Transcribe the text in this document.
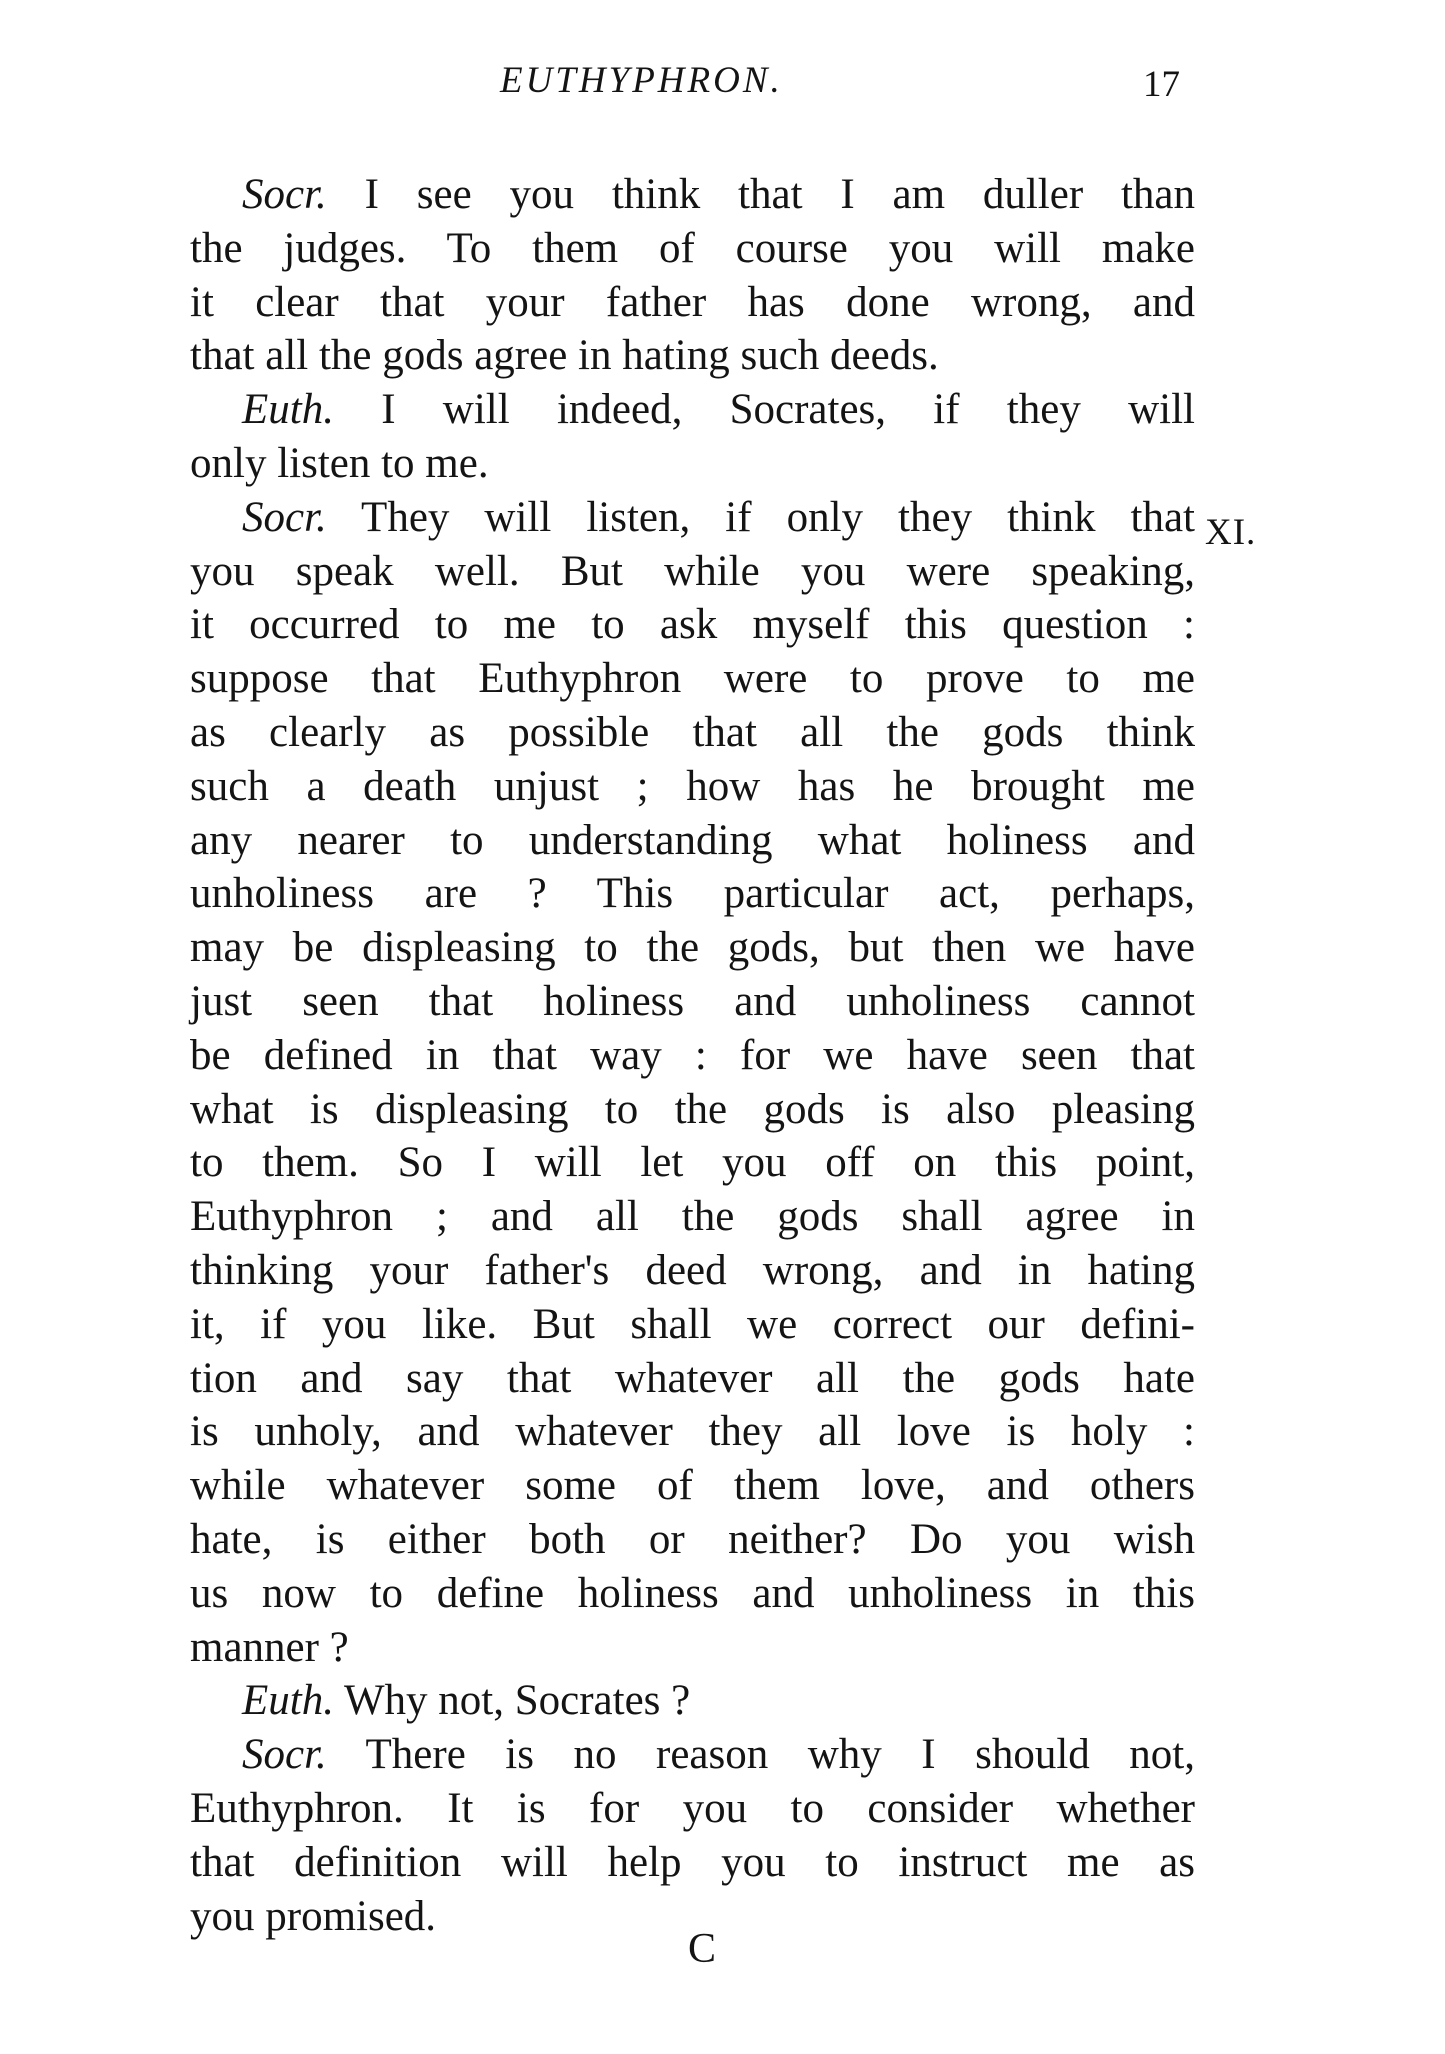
EUTHYPHRON.	17
XI.
Socr. I see you think that I am duller than
the judges. To them of course you will make
it clear that your father has done wrong, and
that all the gods agree in hating such deeds.
Euth. I will indeed, Socrates, if they will
only listen to me.
Socr. They will listen, if only they think that
you speak well. But while you were speaking,
it occurred to me to ask myself this question :
suppose that Euthyphron were to prove to me
as clearly as possible that all the gods think
such a death unjust ; how has he brought me
any nearer to understanding what holiness and
unholiness are ? This particular act, perhaps,
may be displeasing to the gods, but then we have
just seen that holiness and unholiness cannot
be defined in that way : for we have seen that
what is displeasing to the gods is also pleasing
to them. So I will let you off on this point,
Euthyphron ; and all the gods shall agree in
thinking your father's deed wrong, and in hating
it, if you like. But shall we correct our defini-
tion and say that whatever all the gods hate
is unholy, and whatever they all love is holy :
while whatever some of them love, and others
hate, is either both or neither? Do you wish
us now to define holiness and unholiness in this
manner ?
Euth. Why not, Socrates ?
Socr. There is no reason why I should not,
Euthyphron. It is for you to consider whether
that definition will help you to instruct me as
you promised.
C
